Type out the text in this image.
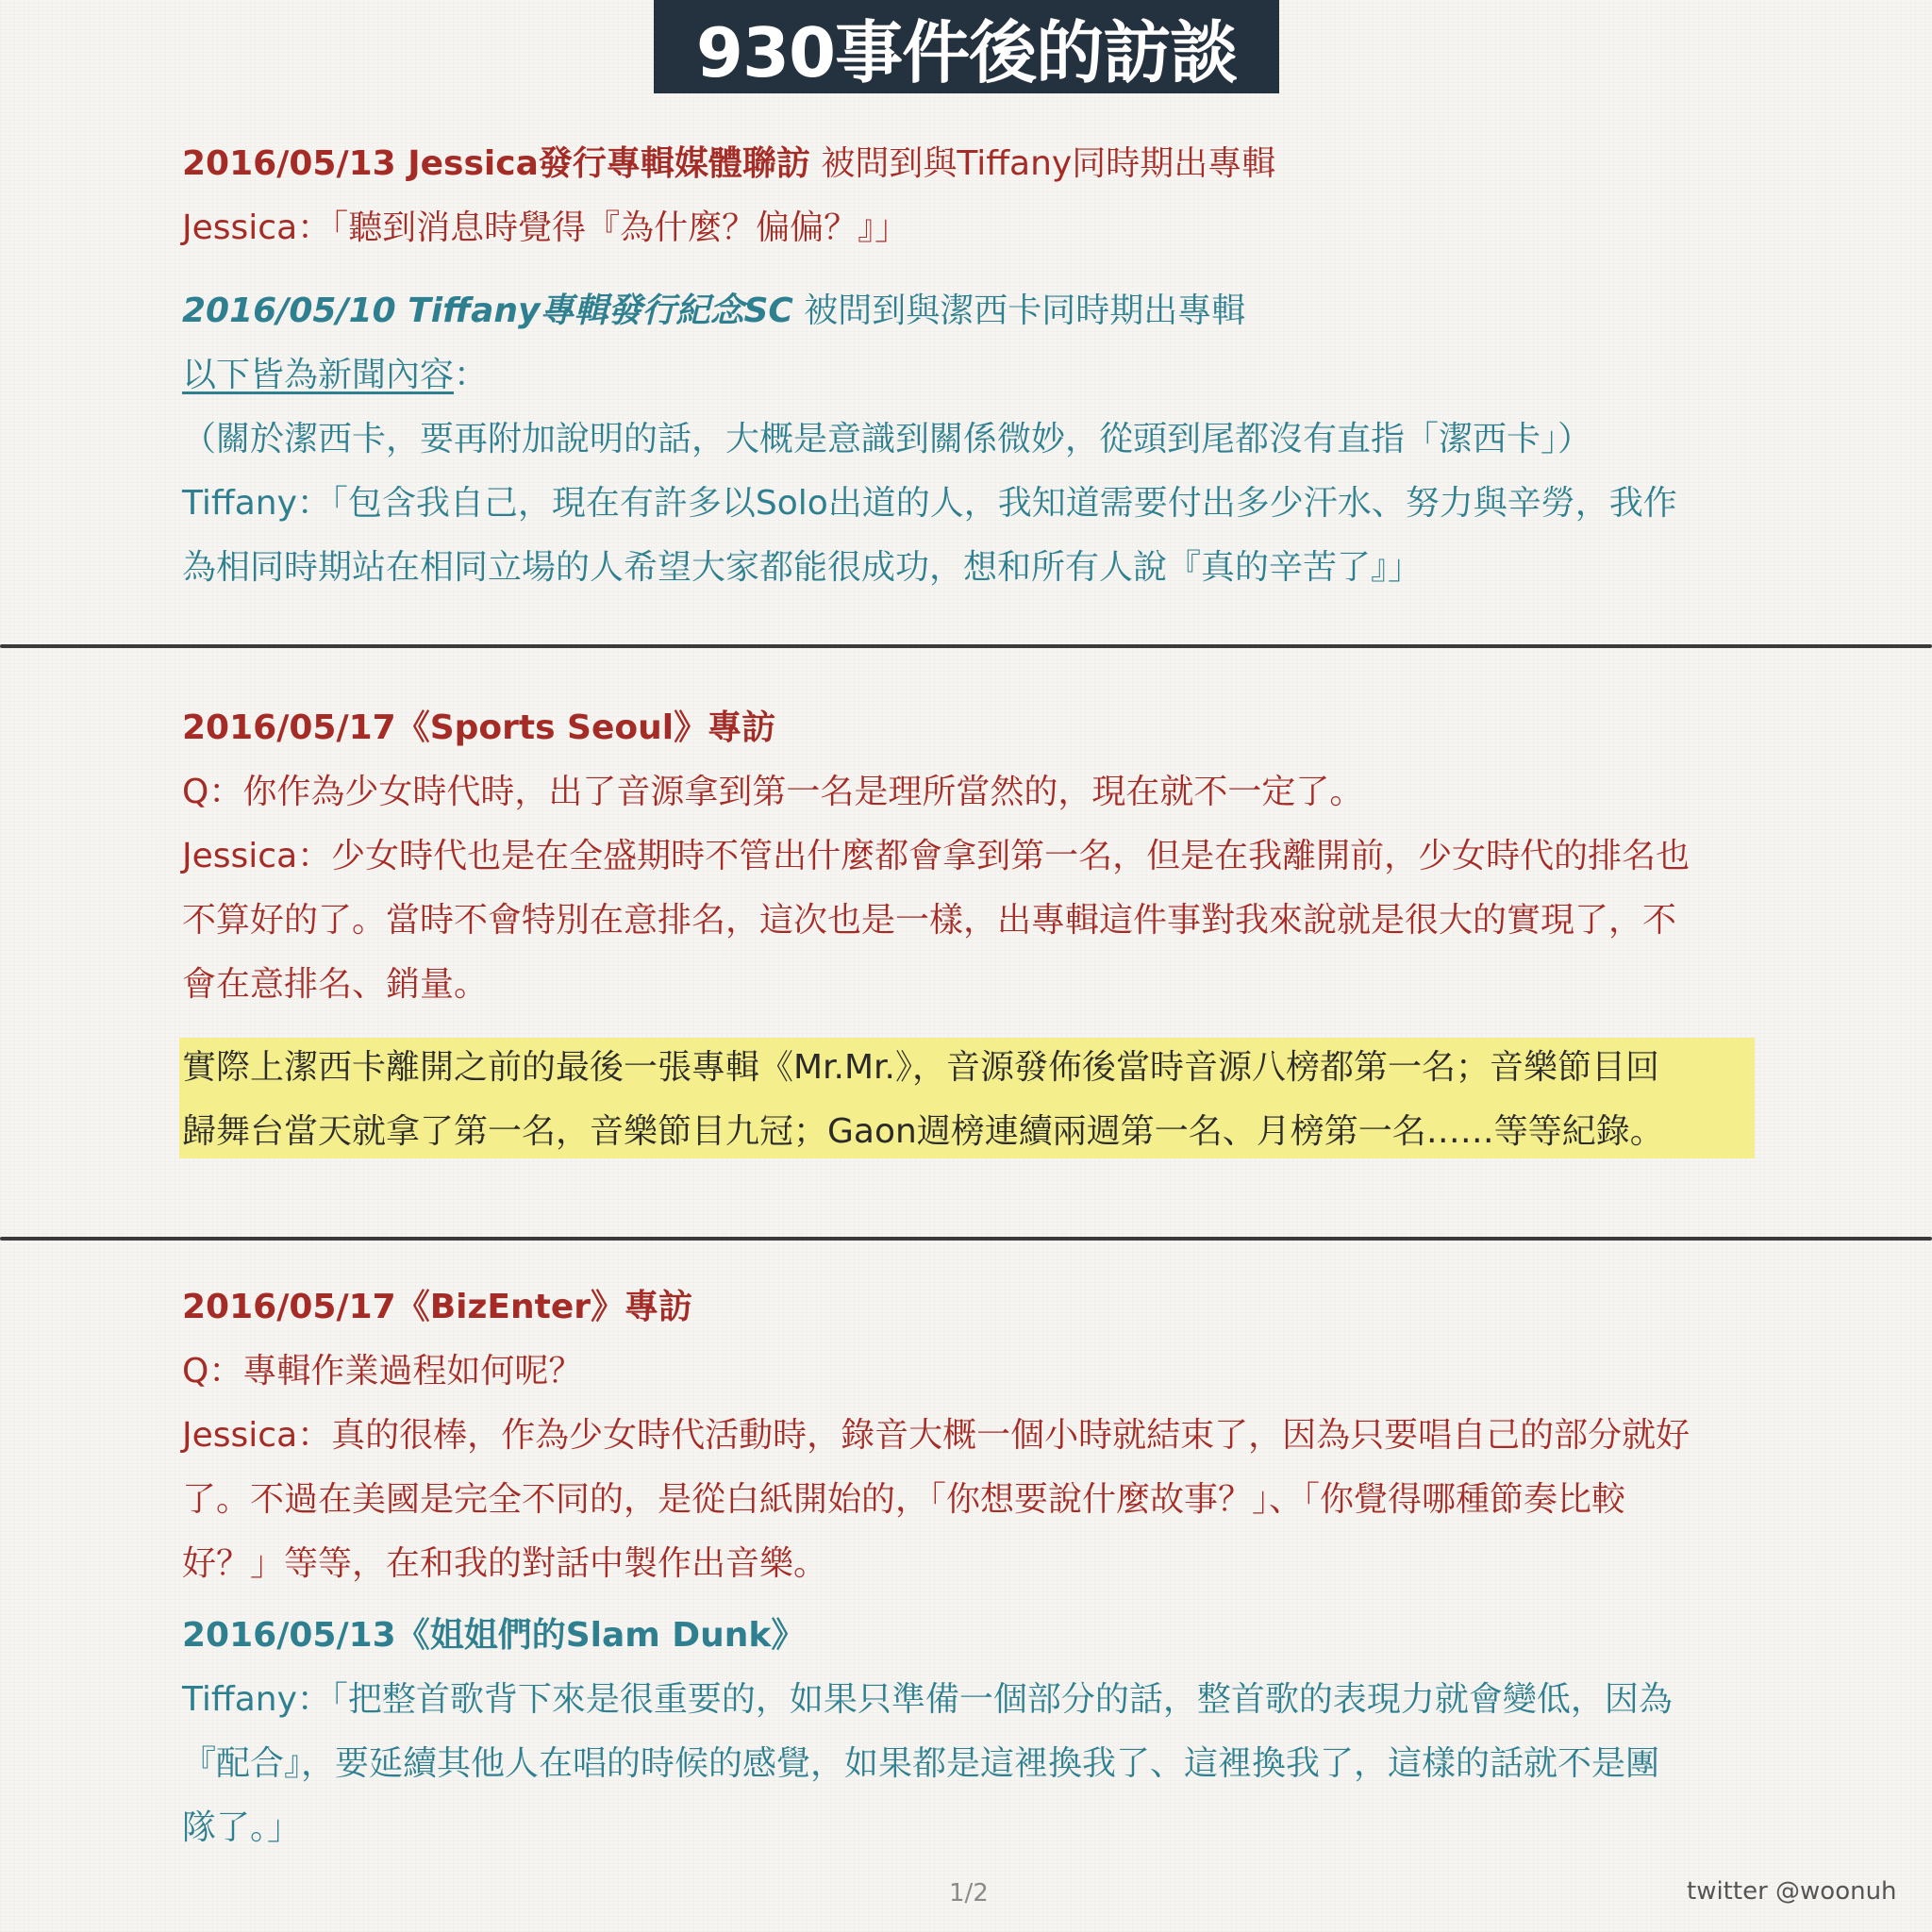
930事件後的訪談
2016/05/13 Jessica發行專輯媒體聯訪 被問到與Tiffany同時期出專輯
Jessica：「聽到消息時覺得『為什麼？偏偏？』」
2016/05/10 Tiffany專輯發行紀念SC 被問到與潔西卡同時期出專輯
以下皆為新聞內容：
（關於潔西卡，要再附加說明的話，大概是意識到關係微妙，從頭到尾都沒有直指「潔西卡」）
Tiffany：「包含我自己，現在有許多以Solo出道的人，我知道需要付出多少汗水、努力與辛勞，我作
為相同時期站在相同立場的人希望大家都能很成功，想和所有人說『真的辛苦了』」
2016/05/17《Sports Seoul》專訪
Q：你作為少女時代時，出了音源拿到第一名是理所當然的，現在就不一定了。
Jessica：少女時代也是在全盛期時不管出什麼都會拿到第一名，但是在我離開前，少女時代的排名也
不算好的了。當時不會特別在意排名，這次也是一樣，出專輯這件事對我來說就是很大的實現了，不
會在意排名、銷量。
實際上潔西卡離開之前的最後一張專輯《Mr.Mr.》，音源發佈後當時音源八榜都第一名；音樂節目回
歸舞台當天就拿了第一名，音樂節目九冠；Gaon週榜連續兩週第一名、月榜第一名……等等紀錄。
2016/05/17《BizEnter》專訪
Q：專輯作業過程如何呢？
Jessica：真的很棒，作為少女時代活動時，錄音大概一個小時就結束了，因為只要唱自己的部分就好
了。不過在美國是完全不同的，是從白紙開始的，「你想要說什麼故事？」、「你覺得哪種節奏比較
好？」等等，在和我的對話中製作出音樂。
2016/05/13《姐姐們的Slam Dunk》
Tiffany：「把整首歌背下來是很重要的，如果只準備一個部分的話，整首歌的表現力就會變低，因為
『配合』，要延續其他人在唱的時候的感覺，如果都是這裡換我了、這裡換我了，這樣的話就不是團
隊了。」
1/2	twitter @woonuh
